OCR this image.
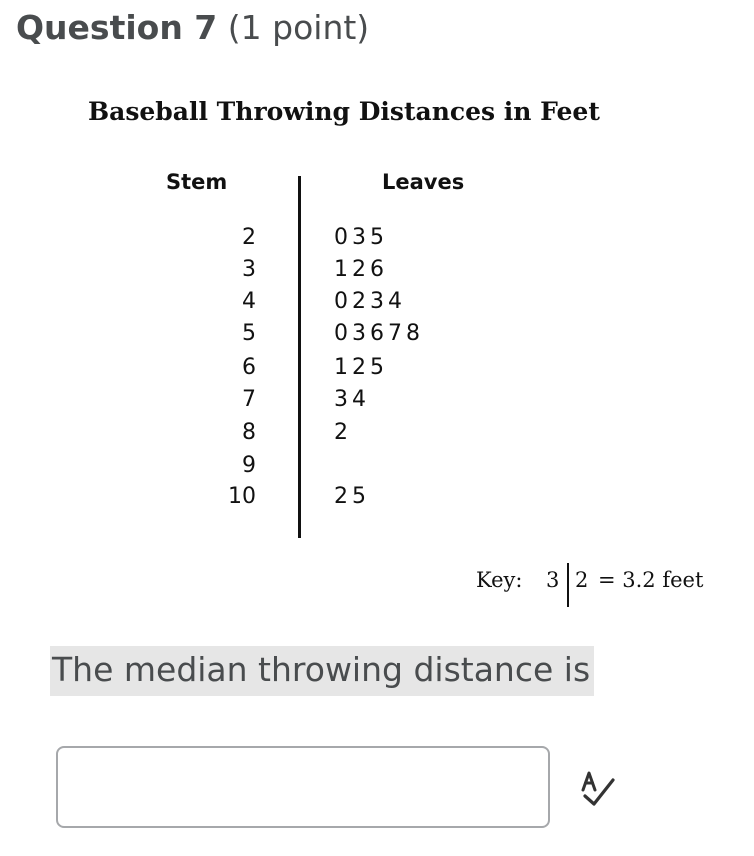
Question 7 (1 point)
Baseball Throwing Distances in Feet
Stem	Leaves
2	035
3	126
4	0234
5	03678
6	125
7	34
8	2
9
10	25
Key: 3 2 = 3.2 feet
The median throwing distance is
